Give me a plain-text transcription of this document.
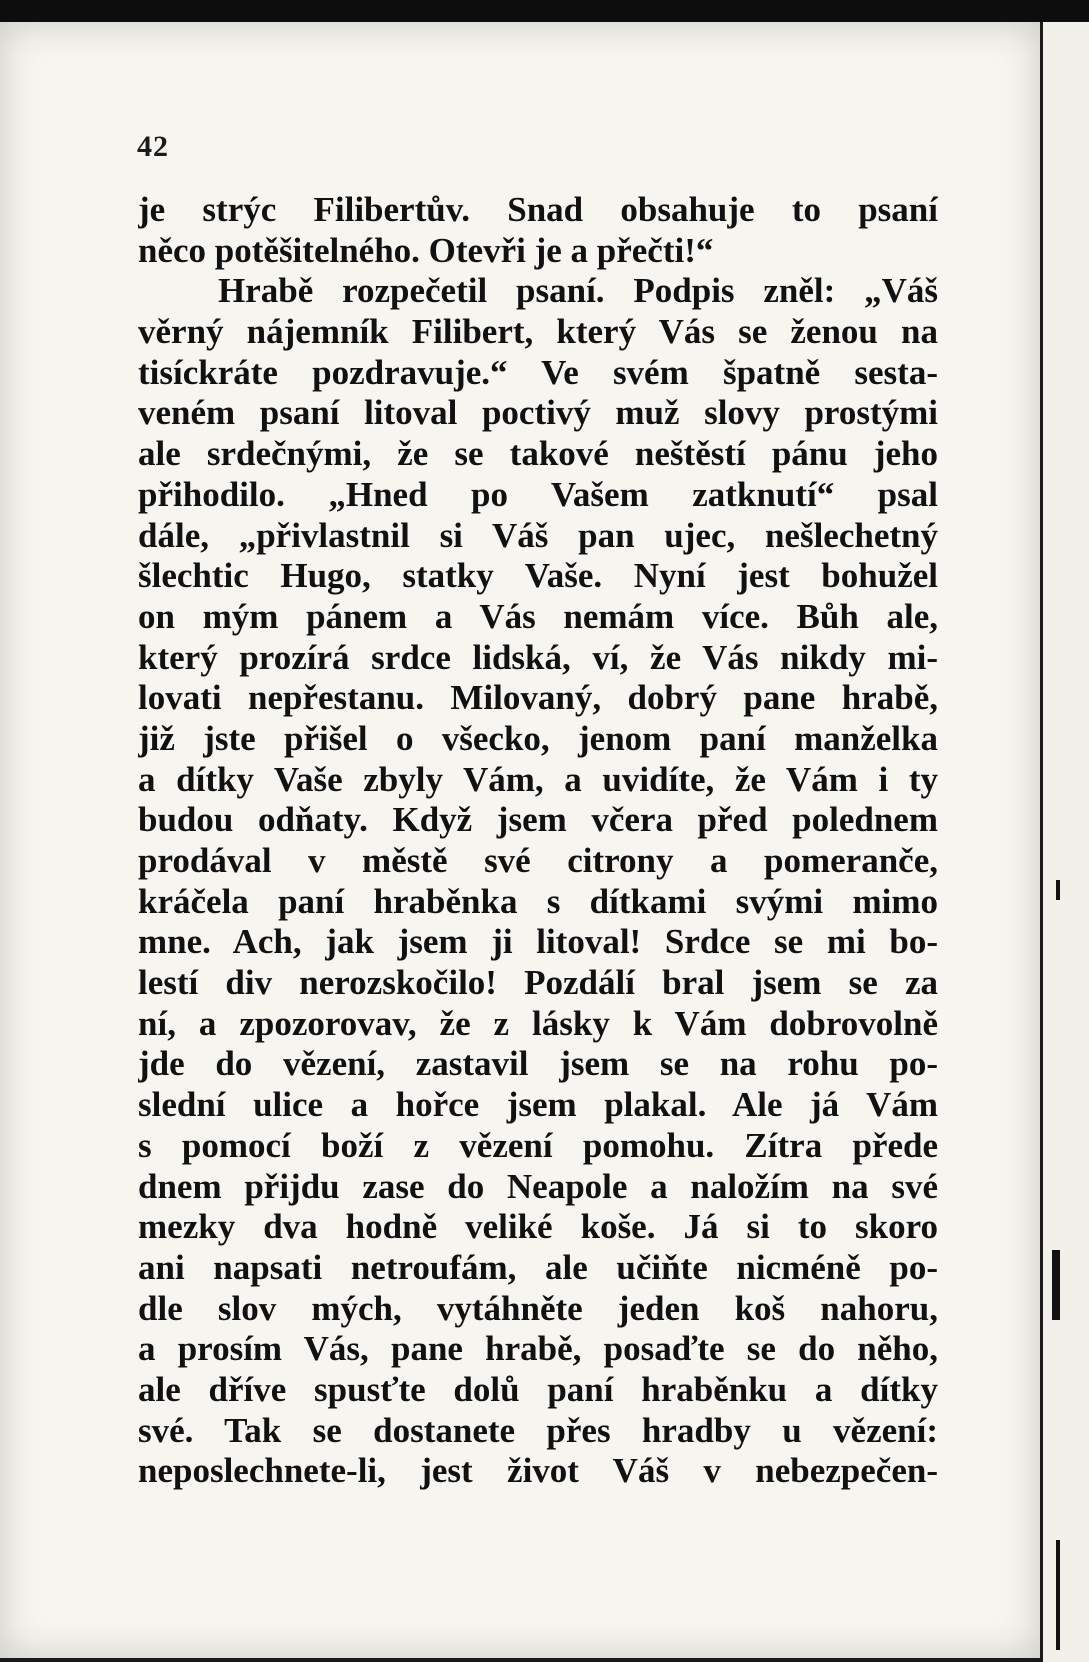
42
je strýc Filibertův. Snad obsahuje to psaní
něco potěšitelného. Otevři je a přečti!“
Hrabě rozpečetil psaní. Podpis zněl: „Váš
věrný nájemník Filibert, který Vás se ženou na
tisíckráte pozdravuje.“ Ve svém špatně sesta-
veném psaní litoval poctivý muž slovy prostými
ale srdečnými, že se takové neštěstí pánu jeho
přihodilo. „Hned po Vašem zatknutí“ psal
dále, „přivlastnil si Váš pan ujec, nešlechetný
šlechtic Hugo, statky Vaše. Nyní jest bohužel
on mým pánem a Vás nemám více. Bůh ale,
který prozírá srdce lidská, ví, že Vás nikdy mi-
lovati nepřestanu. Milovaný, dobrý pane hrabě,
již jste přišel o všecko, jenom paní manželka
a dítky Vaše zbyly Vám, a uvidíte, že Vám i ty
budou odňaty. Když jsem včera před polednem
prodával v městě své citrony a pomeranče,
kráčela paní hraběnka s dítkami svými mimo
mne. Ach, jak jsem ji litoval! Srdce se mi bo-
lestí div nerozskočilo! Pozdálí bral jsem se za
ní, a zpozorovav, že z lásky k Vám dobrovolně
jde do vězení, zastavil jsem se na rohu po-
slední ulice a hořce jsem plakal. Ale já Vám
s pomocí boží z vězení pomohu. Zítra přede
dnem přijdu zase do Neapole a naložím na své
mezky dva hodně veliké koše. Já si to skoro
ani napsati netroufám, ale učiňte nicméně po-
dle slov mých, vytáhněte jeden koš nahoru,
a prosím Vás, pane hrabě, posaďte se do něho,
ale dříve spusťte dolů paní hraběnku a dítky
své. Tak se dostanete přes hradby u vězení:
neposlechnete-li, jest život Váš v nebezpečen-
